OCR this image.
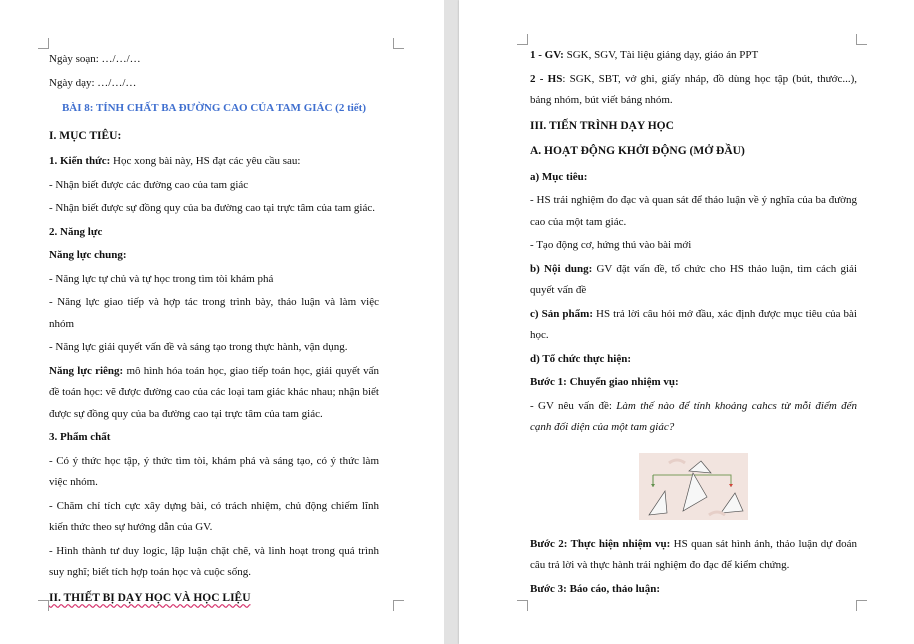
Ngày soạn: …/…/…
Ngày dạy: …/…/…
BÀI 8: TÍNH CHẤT BA ĐƯỜNG CAO CỦA TAM GIÁC (2 tiết)
I. MỤC TIÊU:
1. Kiến thức: Học xong bài này, HS đạt các yêu cầu sau:
- Nhận biết được các đường cao của tam giác
- Nhận biết được sự đồng quy của ba đường cao tại trực tâm của tam giác.
2. Năng lực
Năng lực chung:
- Năng lực tự chủ và tự học trong tìm tòi khám phá
- Năng lực giao tiếp và hợp tác trong trình bày, thảo luận và làm việc nhóm
- Năng lực giải quyết vấn đề và sáng tạo trong thực hành, vận dụng.
Năng lực riêng: mô hình hóa toán học, giao tiếp toán học, giải quyết vấn đề toán học: vẽ được đường cao của các loại tam giác khác nhau; nhận biết được sự đồng quy của ba đường cao tại trực tâm của tam giác.
3. Phẩm chất
- Có ý thức học tập, ý thức tìm tòi, khám phá và sáng tạo, có ý thức làm việc nhóm.
- Chăm chỉ tích cực xây dựng bài, có trách nhiệm, chủ động chiếm lĩnh kiến thức theo sự hướng dẫn của GV.
- Hình thành tư duy logic, lập luận chặt chẽ, và linh hoạt trong quá trình suy nghĩ; biết tích hợp toán học và cuộc sống.
II. THIẾT BỊ DẠY HỌC VÀ HỌC LIỆU
1 - GV: SGK, SGV, Tài liệu giảng dạy, giáo án PPT
2 - HS: SGK, SBT, vở ghi, giấy nháp, đồ dùng học tập (bút, thước...), bảng nhóm, bút viết bảng nhóm.
III. TIẾN TRÌNH DẠY HỌC
A. HOẠT ĐỘNG KHỞI ĐỘNG (MỞ ĐẦU)
a) Mục tiêu:
- HS trải nghiệm đo đạc và quan sát để thảo luận về ý nghĩa của ba đường cao của một tam giác.
- Tạo động cơ, hứng thú vào bài mới
b) Nội dung: GV đặt vấn đề, tổ chức cho HS thảo luận, tìm cách giải quyết vấn đề
c) Sản phẩm: HS trả lời câu hỏi mở đầu, xác định được mục tiêu của bài học.
d) Tổ chức thực hiện:
Bước 1: Chuyển giao nhiệm vụ:
- GV nêu vấn đề: Làm thế nào để tính khoảng cahcs từ mỗi điểm đến cạnh đối diện của một tam giác?
Bước 2: Thực hiện nhiệm vụ: HS quan sát hình ảnh, thảo luận dự đoán câu trả lời và thực hành trải nghiệm đo đạc để kiểm chứng.
Bước 3: Báo cáo, thảo luận:
